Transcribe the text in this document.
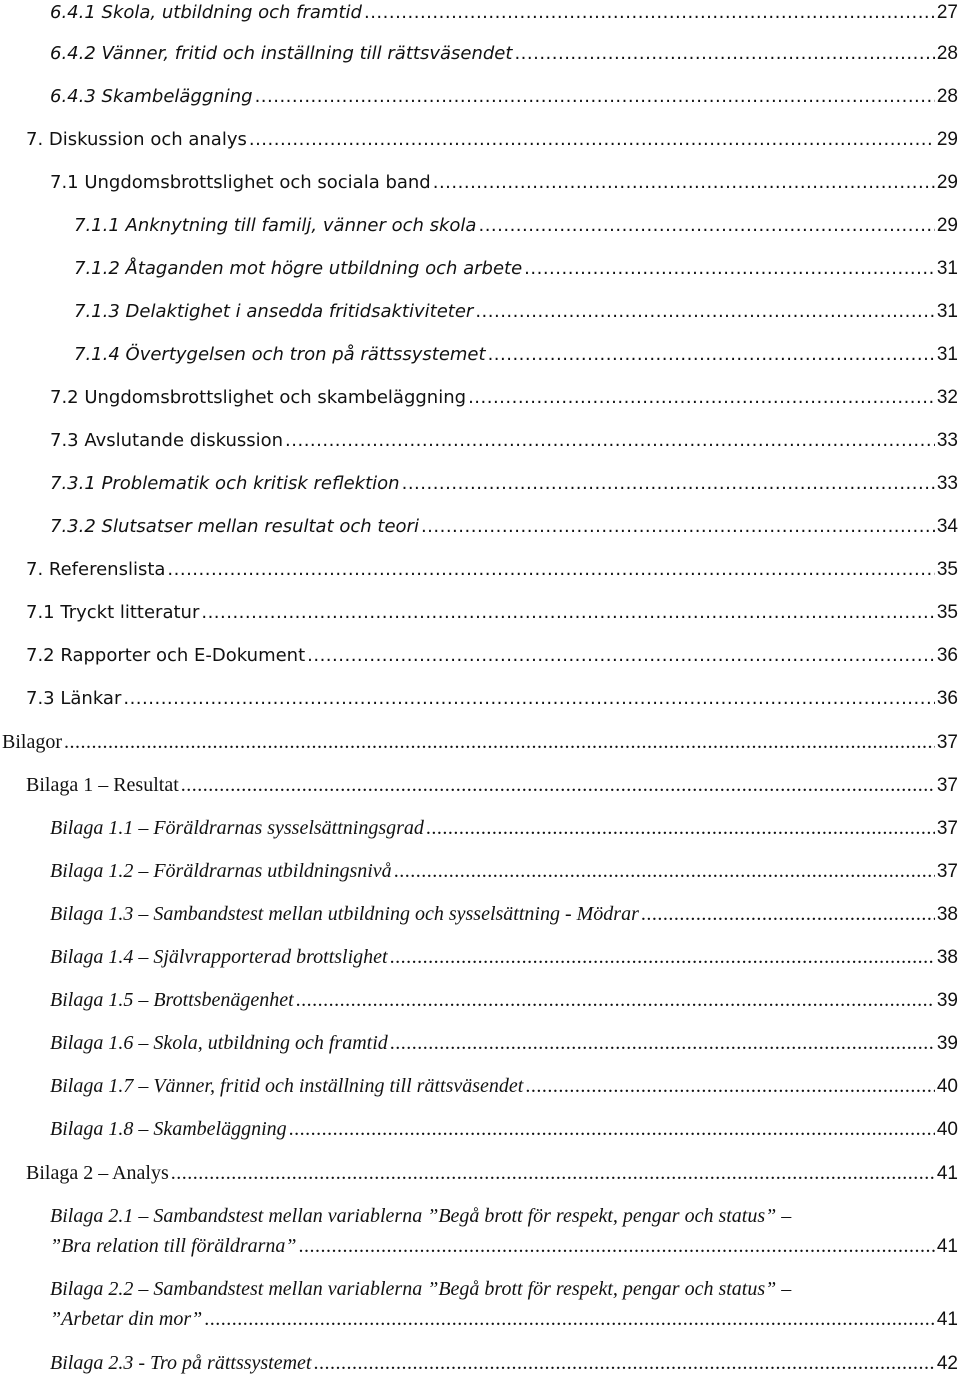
6.4.1 Skola, utbildning och framtid .....	27
6.4.2 Vänner, fritid och inställning till rättsväsendet .....	28
6.4.3 Skambeläggning .....	28
7. Diskussion och analys .....	29
7.1 Ungdomsbrottslighet och sociala band .....	29
7.1.1 Anknytning till familj, vänner och skola .....	29
7.1.2 Åtaganden mot högre utbildning och arbete .....	31
7.1.3 Delaktighet i ansedda fritidsaktiviteter .....	31
7.1.4 Övertygelsen och tron på rättssystemet .....	31
7.2 Ungdomsbrottslighet och skambeläggning .....	32
7.3 Avslutande diskussion .....	33
7.3.1 Problematik och kritisk reflektion .....	33
7.3.2 Slutsatser mellan resultat och teori .....	34
7. Referenslista .....	35
7.1 Tryckt litteratur .....	35
7.2 Rapporter och E-Dokument .....	36
7.3 Länkar .....	36
Bilagor .....	37
Bilaga 1 – Resultat .....	37
Bilaga 1.1 – Föräldrarnas sysselsättningsgrad .....	37
Bilaga 1.2 – Föräldrarnas utbildningsnivå .....	37
Bilaga 1.3 – Sambandstest mellan utbildning och sysselsättning - Mödrar .....	38
Bilaga 1.4 – Självrapporterad brottslighet .....	38
Bilaga 1.5 – Brottsbenägenhet .....	39
Bilaga 1.6 – Skola, utbildning och framtid .....	39
Bilaga 1.7 – Vänner, fritid och inställning till rättsväsendet .....	40
Bilaga 1.8 – Skambeläggning .....	40
Bilaga 2 – Analys .....	41
Bilaga 2.1 – Sambandstest mellan variablerna ”Begå brott för respekt, pengar och status” –
”Bra relation till föräldrarna” .....	41
Bilaga 2.2 – Sambandstest mellan variablerna ”Begå brott för respekt, pengar och status” –
”Arbetar din mor” .....	41
Bilaga 2.3 - Tro på rättssystemet .....	42
